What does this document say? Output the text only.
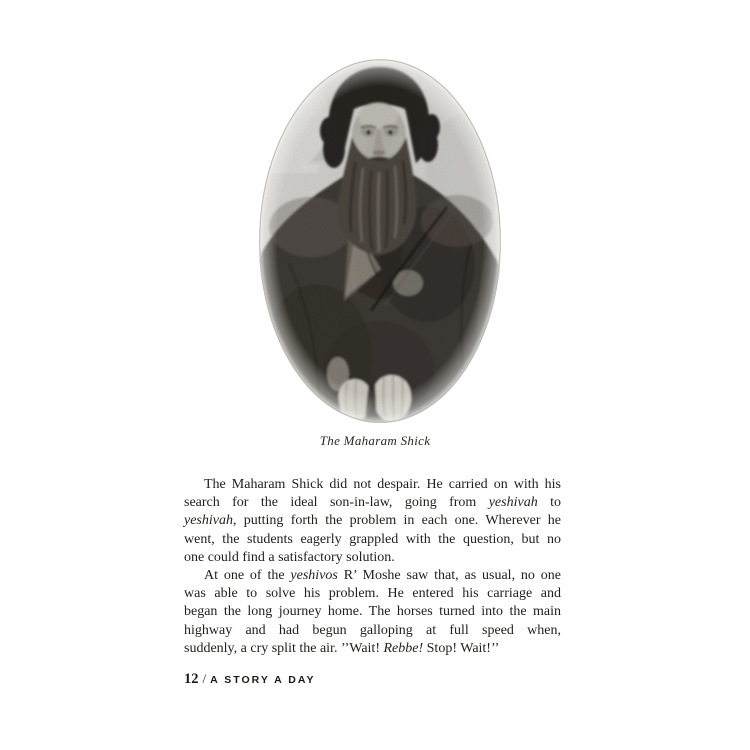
The Maharam Shick
The Maharam Shick did not despair. He carried on with his
search for the ideal son-in-law, going from yeshivah to
yeshivah, putting forth the problem in each one. Wherever he
went, the students eagerly grappled with the question, but no
one could find a satisfactory solution.
At one of the yeshivos R’ Moshe saw that, as usual, no one
was able to solve his problem. He entered his carriage and
began the long journey home. The horses turned into the main
highway and had begun galloping at full speed when,
suddenly, a cry split the air. ’’Wait! Rebbe! Stop! Wait!’’
12 / A STORY A DAY
